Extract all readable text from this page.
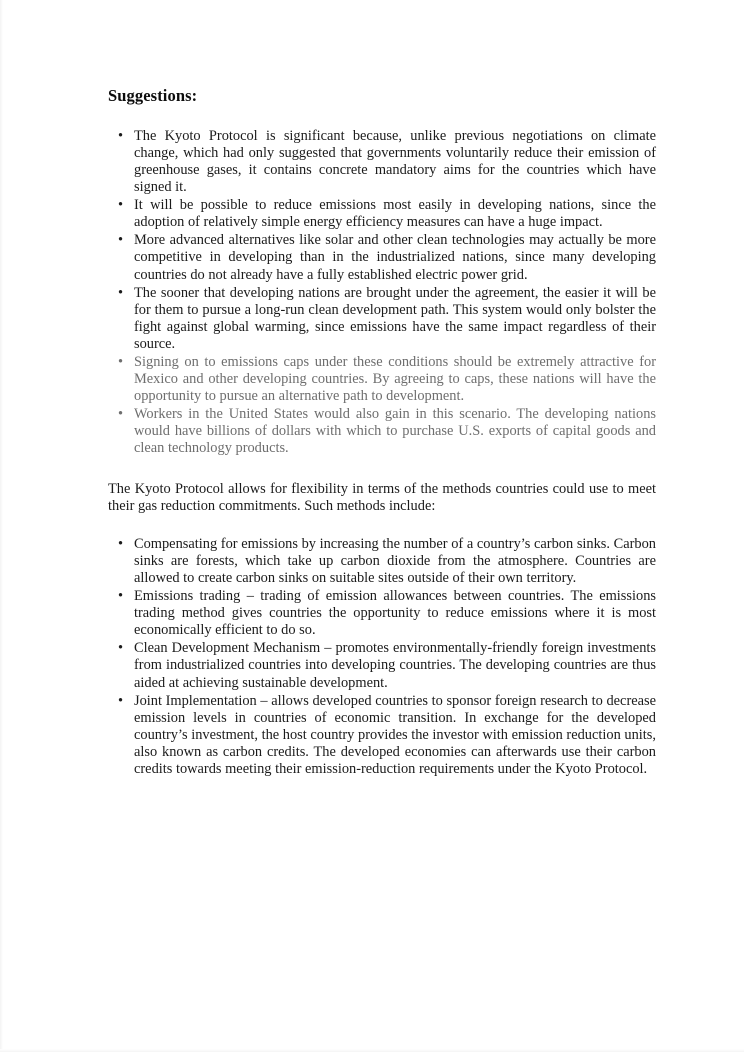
Suggestions:
• The Kyoto Protocol is significant because, unlike previous negotiations on climate change, which had only suggested that governments voluntarily reduce their emission of greenhouse gases, it contains concrete mandatory aims for the countries which have signed it.
• It will be possible to reduce emissions most easily in developing nations, since the adoption of relatively simple energy efficiency measures can have a huge impact.
• More advanced alternatives like solar and other clean technologies may actually be more competitive in developing than in the industrialized nations, since many developing countries do not already have a fully established electric power grid.
• The sooner that developing nations are brought under the agreement, the easier it will be for them to pursue a long-run clean development path. This system would only bolster the fight against global warming, since emissions have the same impact regardless of their source.
• Signing on to emissions caps under these conditions should be extremely attractive for Mexico and other developing countries. By agreeing to caps, these nations will have the opportunity to pursue an alternative path to development.
• Workers in the United States would also gain in this scenario. The developing nations would have billions of dollars with which to purchase U.S. exports of capital goods and clean technology products.

The Kyoto Protocol allows for flexibility in terms of the methods countries could use to meet their gas reduction commitments. Such methods include:

• Compensating for emissions by increasing the number of a country’s carbon sinks. Carbon sinks are forests, which take up carbon dioxide from the atmosphere. Countries are allowed to create carbon sinks on suitable sites outside of their own territory.
• Emissions trading – trading of emission allowances between countries. The emissions trading method gives countries the opportunity to reduce emissions where it is most economically efficient to do so.
• Clean Development Mechanism – promotes environmentally-friendly foreign investments from industrialized countries into developing countries. The developing countries are thus aided at achieving sustainable development.
• Joint Implementation – allows developed countries to sponsor foreign research to decrease emission levels in countries of economic transition. In exchange for the developed country’s investment, the host country provides the investor with emission reduction units, also known as carbon credits. The developed economies can afterwards use their carbon credits towards meeting their emission-reduction requirements under the Kyoto Protocol.
